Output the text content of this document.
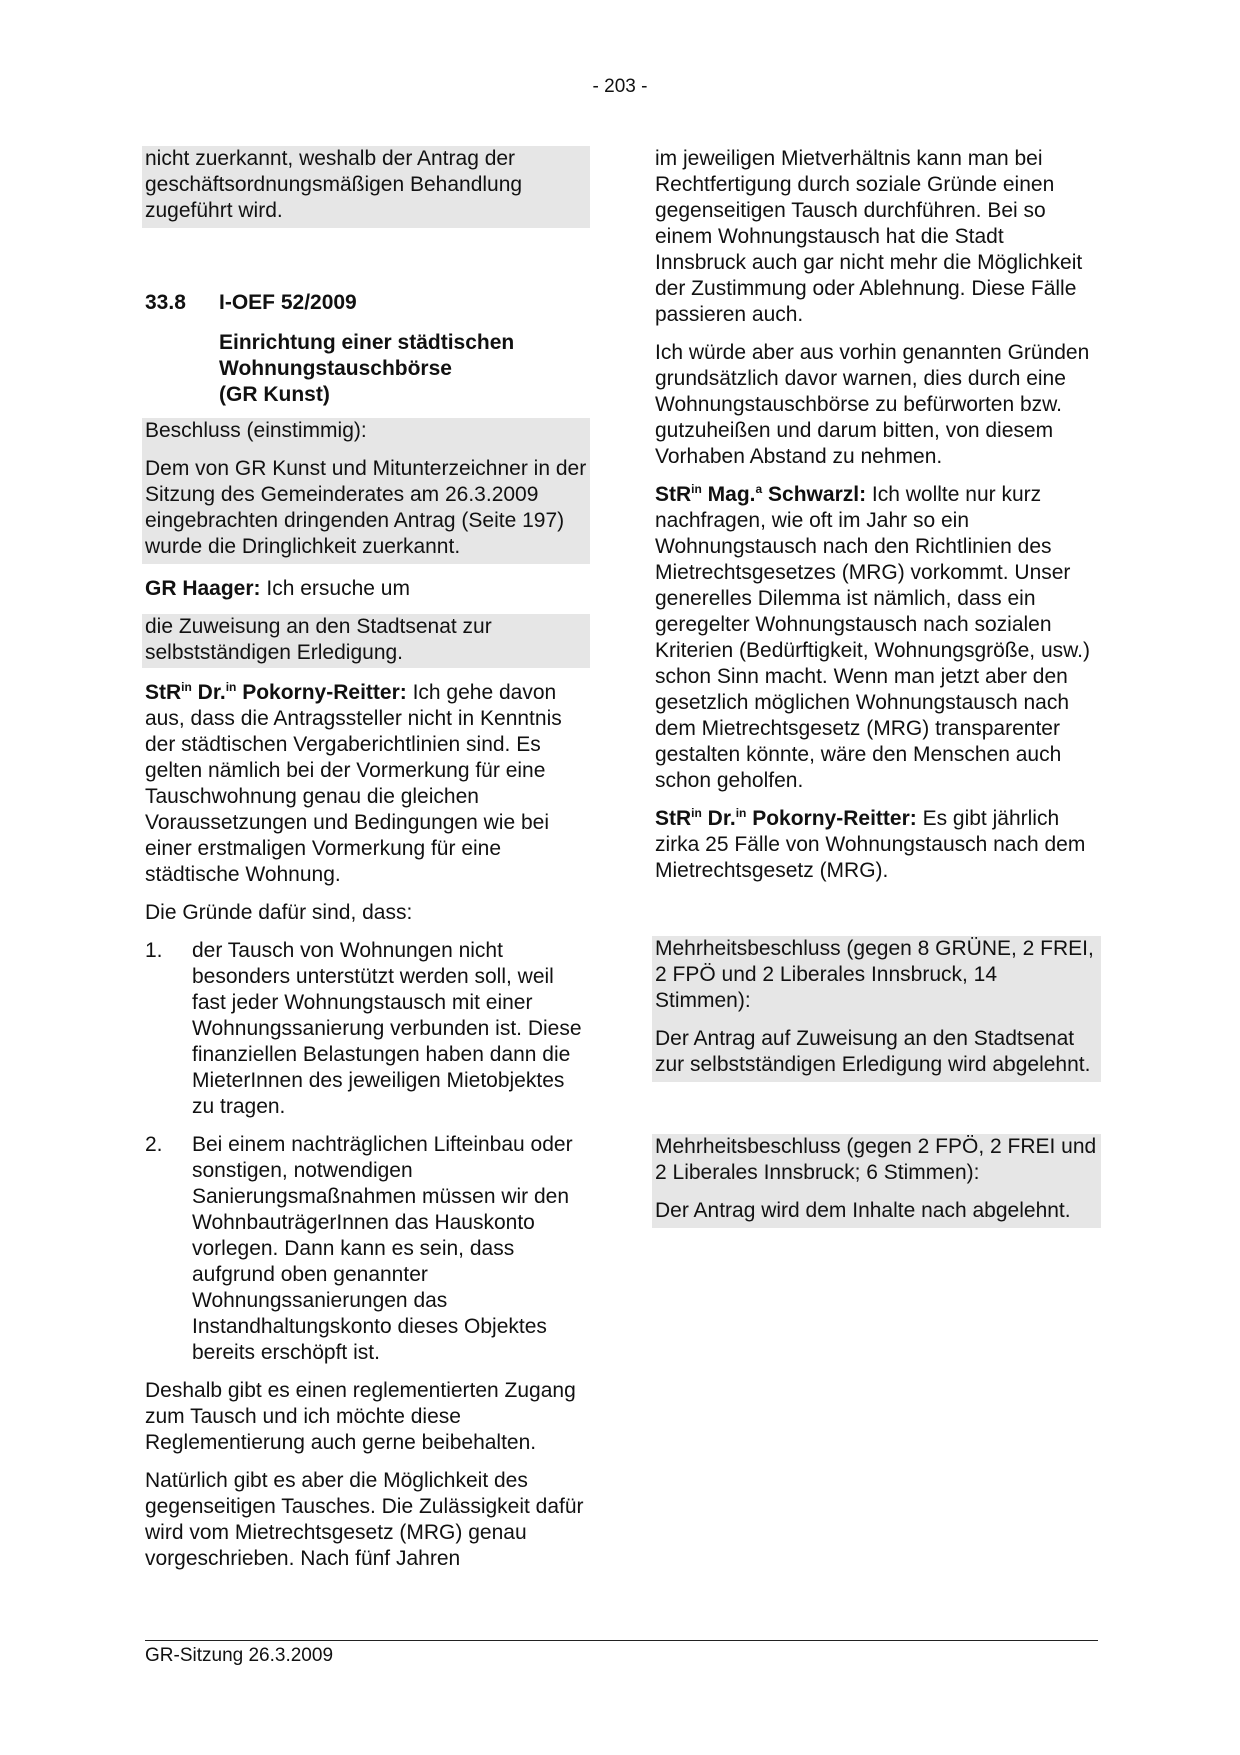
- 203 -

nicht zuerkannt, weshalb der Antrag der geschäftsordnungsmäßigen Behandlung zugeführt wird.

33.8	I-OEF 52/2009
Einrichtung einer städtischen
Wohnungstauschbörse
(GR Kunst)

Beschluss (einstimmig):

Dem von GR Kunst und Mitunterzeichner in der Sitzung des Gemeinderates am 26.3.2009 eingebrachten dringenden Antrag (Seite 197) wurde die Dringlichkeit zuerkannt.

GR Haager: Ich ersuche um

die Zuweisung an den Stadtsenat zur selbstständigen Erledigung.

StR$^{in}$ Dr.$^{in}$ Pokorny-Reitter: Ich gehe davon aus, dass die Antragssteller nicht in Kenntnis der städtischen Vergaberichtlinien sind. Es gelten nämlich bei der Vormerkung für eine Tauschwohnung genau die gleichen Voraussetzungen und Bedingungen wie bei einer erstmaligen Vormerkung für eine städtische Wohnung.

Die Gründe dafür sind, dass:

1.	der Tausch von Wohnungen nicht besonders unterstützt werden soll, weil fast jeder Wohnungstausch mit einer Wohnungssanierung verbunden ist. Diese finanziellen Belastungen haben dann die MieterInnen des jeweiligen Mietobjektes zu tragen.
2.	Bei einem nachträglichen Lifteinbau oder sonstigen, notwendigen Sanierungsmaßnahmen müssen wir den WohnbauträgerInnen das Hauskonto vorlegen. Dann kann es sein, dass aufgrund oben genannter Wohnungssanierungen das Instandhaltungskonto dieses Objektes bereits erschöpft ist.

Deshalb gibt es einen reglementierten Zugang zum Tausch und ich möchte diese Reglementierung auch gerne beibehalten.

Natürlich gibt es aber die Möglichkeit des gegenseitigen Tausches. Die Zulässigkeit dafür wird vom Mietrechtsgesetz (MRG) genau vorgeschrieben. Nach fünf Jahren

im jeweiligen Mietverhältnis kann man bei Rechtfertigung durch soziale Gründe einen gegenseitigen Tausch durchführen. Bei so einem Wohnungstausch hat die Stadt Innsbruck auch gar nicht mehr die Möglichkeit der Zustimmung oder Ablehnung. Diese Fälle passieren auch.

Ich würde aber aus vorhin genannten Gründen grundsätzlich davor warnen, dies durch eine Wohnungstauschbörse zu befürworten bzw. gutzuheißen und darum bitten, von diesem Vorhaben Abstand zu nehmen.

StR$^{in}$ Mag.$^a$ Schwarzl: Ich wollte nur kurz nachfragen, wie oft im Jahr so ein Wohnungstausch nach den Richtlinien des Mietrechtsgesetzes (MRG) vorkommt. Unser generelles Dilemma ist nämlich, dass ein geregelter Wohnungstausch nach sozialen Kriterien (Bedürftigkeit, Wohnungsgröße, usw.) schon Sinn macht. Wenn man jetzt aber den gesetzlich möglichen Wohnungstausch nach dem Mietrechtsgesetz (MRG) transparenter gestalten könnte, wäre den Menschen auch schon geholfen.

StR$^{in}$ Dr.$^{in}$ Pokorny-Reitter: Es gibt jährlich zirka 25 Fälle von Wohnungstausch nach dem Mietrechtsgesetz (MRG).

Mehrheitsbeschluss (gegen 8 GRÜNE, 2 FREI, 2 FPÖ und 2 Liberales Innsbruck, 14 Stimmen):

Der Antrag auf Zuweisung an den Stadtsenat zur selbstständigen Erledigung wird abgelehnt.

Mehrheitsbeschluss (gegen 2 FPÖ, 2 FREI und 2 Liberales Innsbruck; 6 Stimmen):

Der Antrag wird dem Inhalte nach abgelehnt.

GR-Sitzung 26.3.2009
